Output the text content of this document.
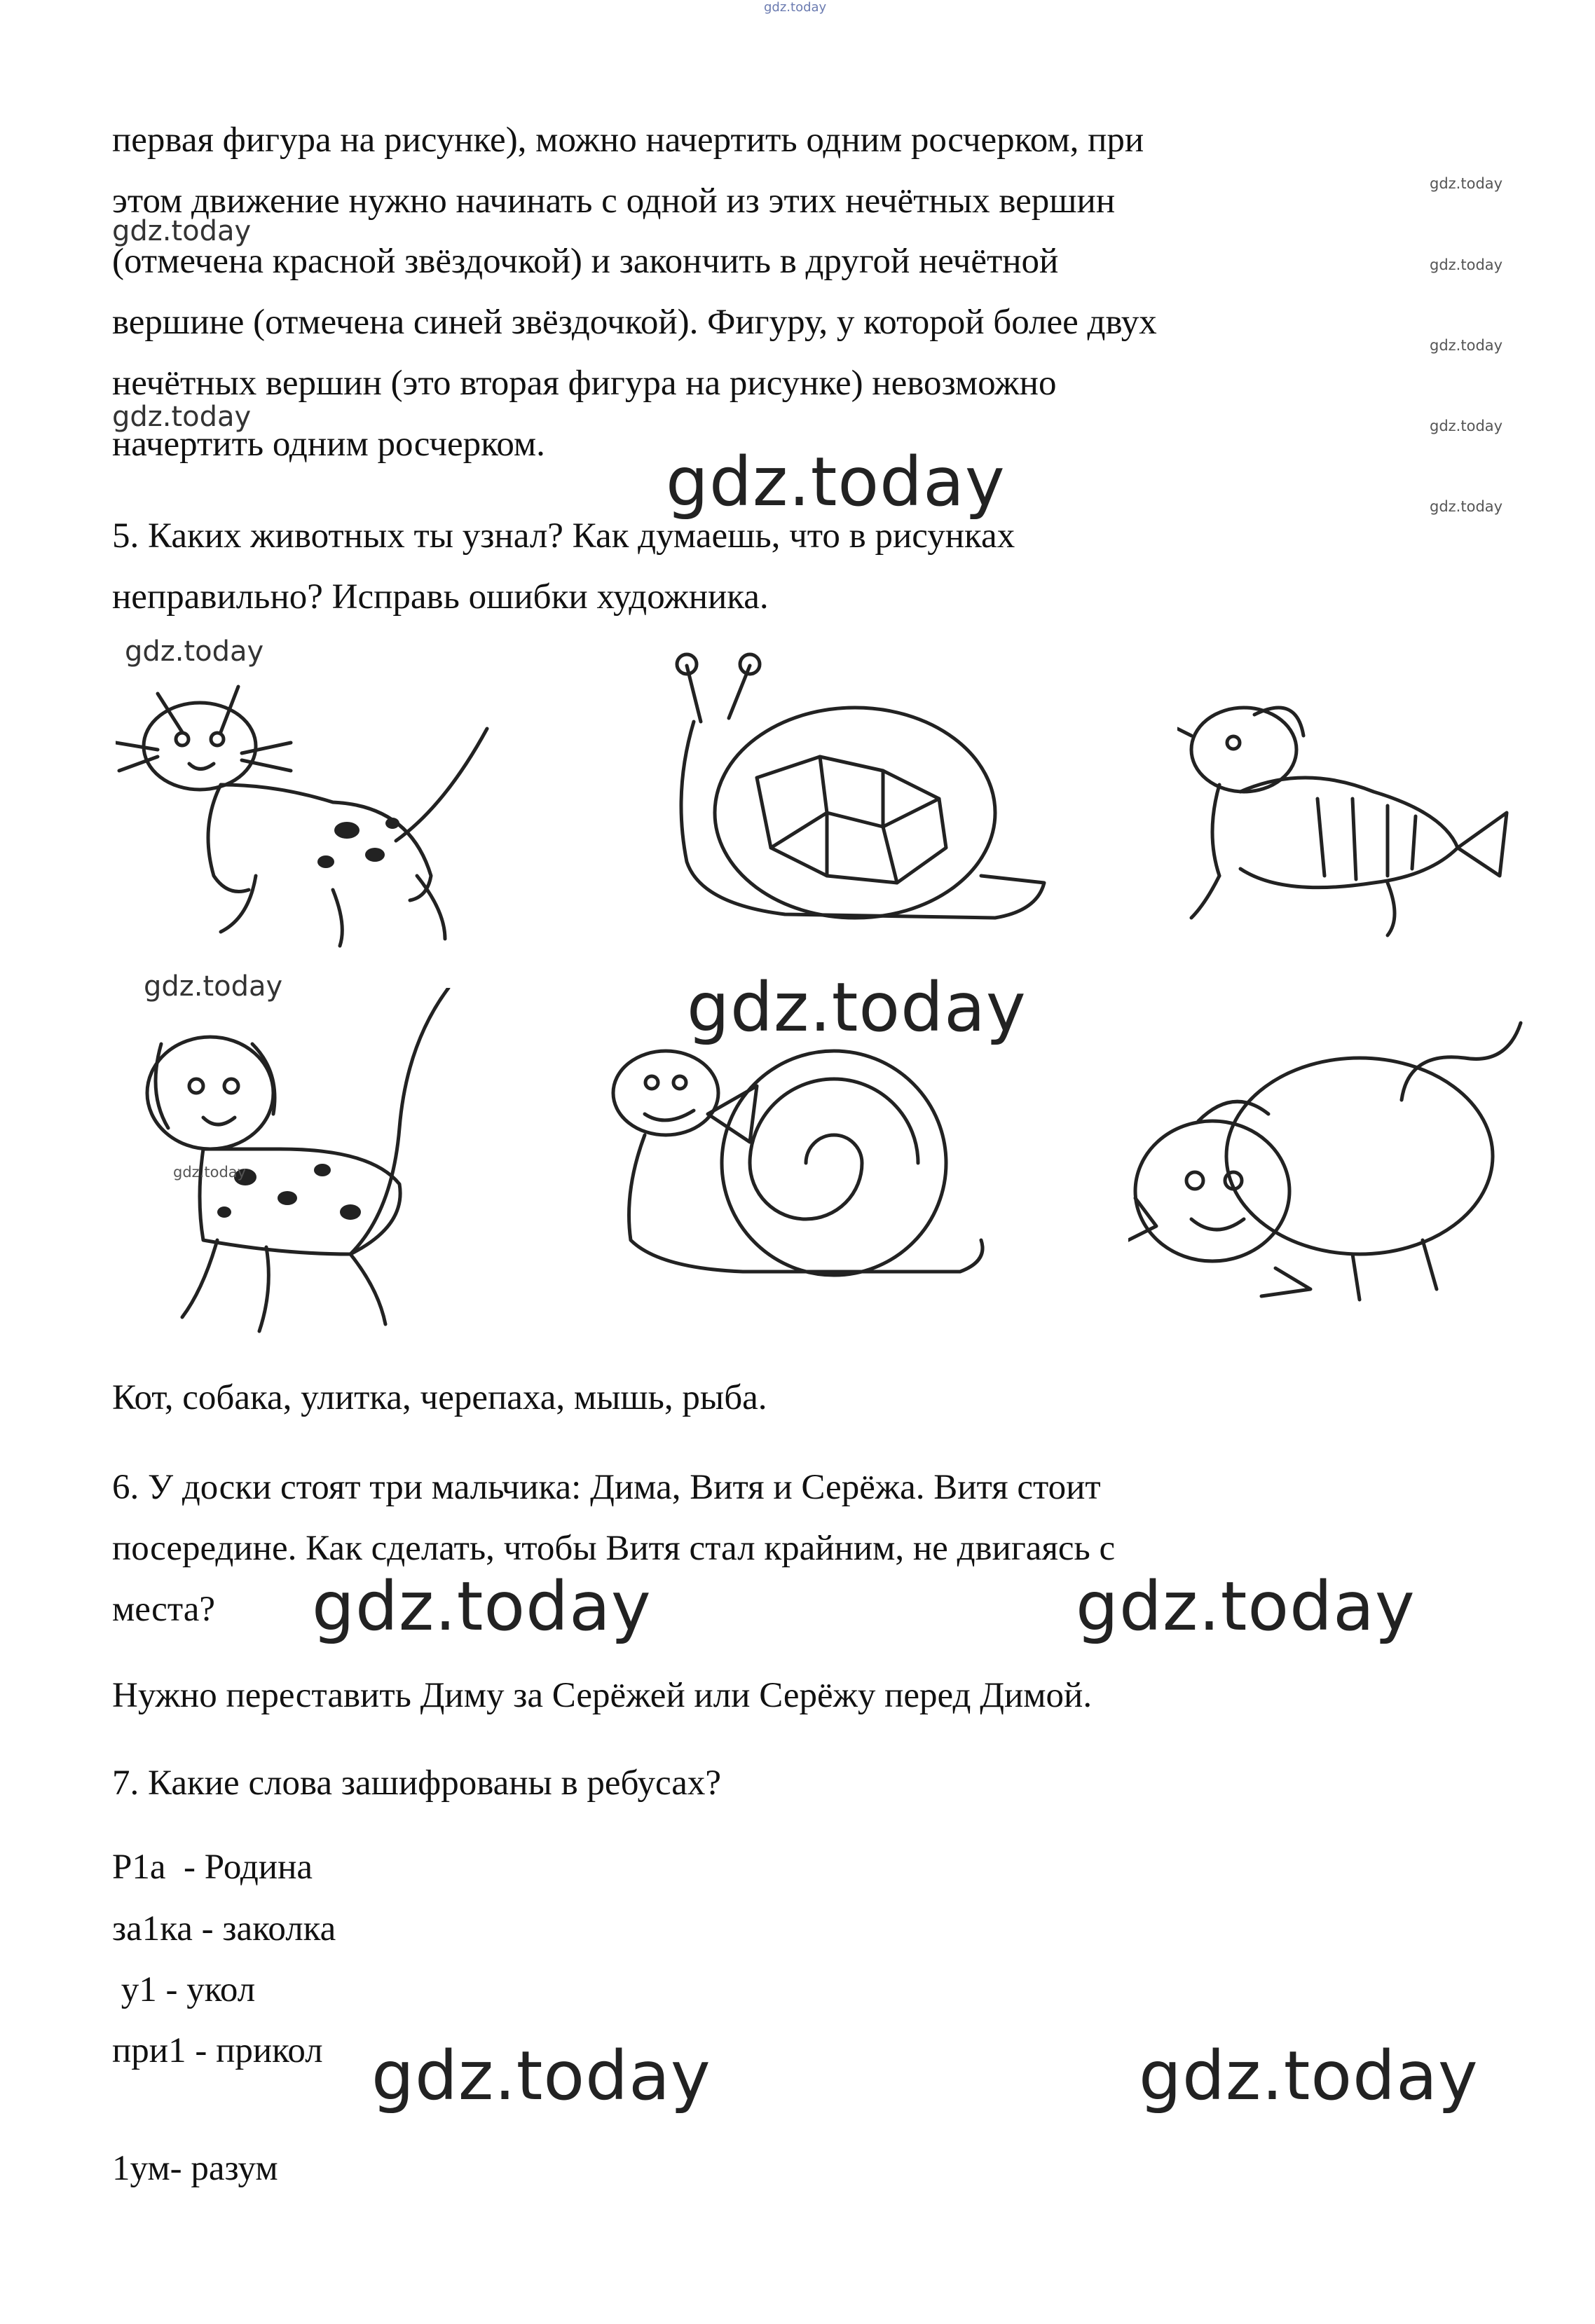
gdz.today
первая фигура на рисунке), можно начертить одним росчерком, при
этом движение нужно начинать с одной из этих нечётных вершин
(отмечена красной звёздочкой) и закончить в другой нечётной
вершине (отмечена синей звёздочкой). Фигуру, у которой более двух
нечётных вершин (это вторая фигура на рисунке) невозможно
начертить одним росчерком.
5. Каких животных ты узнал? Как думаешь, что в рисунках
неправильно? Исправь ошибки художника.
Кот, собака, улитка, черепаха, мышь, рыба.
6. У доски стоят три мальчика: Дима, Витя и Серёжа. Витя стоит
посередине. Как сделать, чтобы Витя стал крайним, не двигаясь с
места?
Нужно переставить Диму за Серёжей или Серёжу перед Димой.
7. Какие слова зашифрованы в ребусах?
Р1а  - Родина
за1ка - заколка
у1 - укол
при1 - прикол
1ум- разум
gdz.today
gdz.today
gdz.today
gdz.today
gdz.today	gdz.today
gdz.today
gdz.today	gdz.today
gdz.today	gdz.today
gdz.today
gdz.today
gdz.today
gdz.today
gdz.today
